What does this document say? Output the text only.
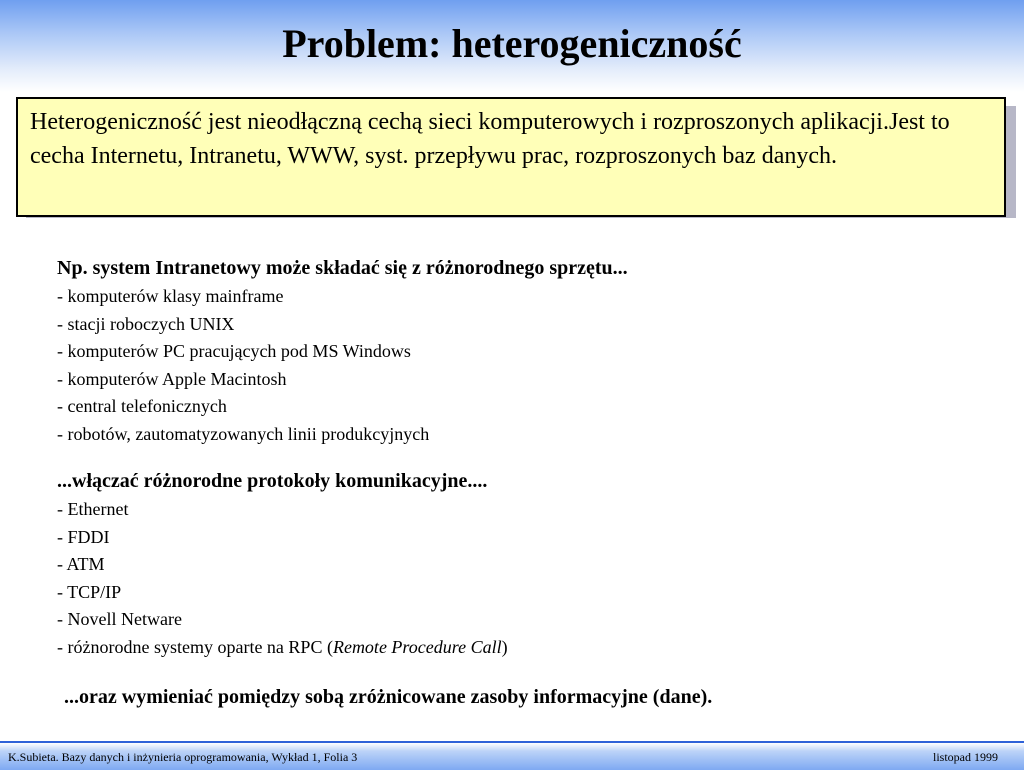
Problem: heterogeniczność
Heterogeniczność jest nieodłączną cechą sieci komputerowych i rozproszonych aplikacji.Jest to cecha Internetu, Intranetu, WWW, syst. przepływu prac, rozproszonych baz danych.
Np. system Intranetowy może składać się z różnorodnego sprzętu...
- komputerów klasy mainframe
- stacji roboczych UNIX
- komputerów PC pracujących pod MS Windows
- komputerów Apple Macintosh
- central telefonicznych
- robotów, zautomatyzowanych linii produkcyjnych
...włączać różnorodne protokoły komunikacyjne....
- Ethernet
- FDDI
- ATM
- TCP/IP
- Novell Netware
- różnorodne systemy oparte na RPC (Remote Procedure Call)
...oraz wymieniać pomiędzy sobą zróżnicowane zasoby informacyjne (dane).
K.Subieta. Bazy danych i inżynieria oprogramowania, Wykład 1, Folia 3	listopad 1999
